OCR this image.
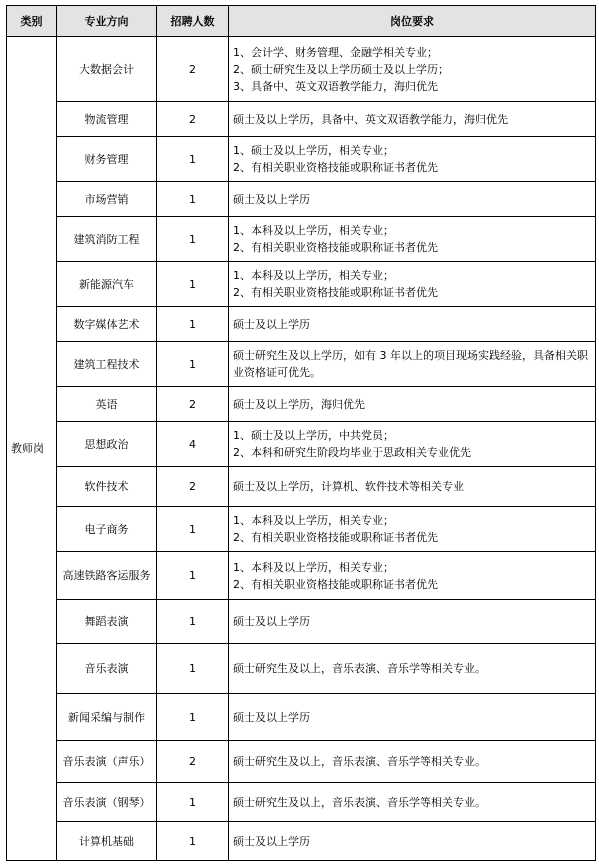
类别	专业方向	招聘人数	岗位要求
教师岗	大数据会计	2	1、会计学、财务管理、金融学相关专业；
2、硕士研究生及以上学历硕士及以上学历；
3、具备中、英文双语教学能力，海归优先

	物流管理	2	硕士及以上学历，具备中、英文双语教学能力，海归优先

	财务管理	1	1、硕士及以上学历，相关专业；
2、有相关职业资格技能或职称证书者优先

	市场营销	1	硕士及以上学历

	建筑消防工程	1	1、本科及以上学历，相关专业；
2、有相关职业资格技能或职称证书者优先

	新能源汽车	1	1、本科及以上学历，相关专业；
2、有相关职业资格技能或职称证书者优先

	数字媒体艺术	1	硕士及以上学历

	建筑工程技术	1	硕士研究生及以上学历，如有 3 年以上的项目现场实践经验，具备相关职业资格证可优先。

	英语	2	硕士及以上学历，海归优先

	思想政治	4	1、硕士及以上学历，中共党员；
2、本科和研究生阶段均毕业于思政相关专业优先

	软件技术	2	硕士及以上学历，计算机、软件技术等相关专业

	电子商务	1	1、本科及以上学历，相关专业；
2、有相关职业资格技能或职称证书者优先

	高速铁路客运服务	1	1、本科及以上学历，相关专业；
2、有相关职业资格技能或职称证书者优先

	舞蹈表演	1	硕士及以上学历

	音乐表演	1	硕士研究生及以上，音乐表演、音乐学等相关专业。

	新闻采编与制作	1	硕士及以上学历

	音乐表演（声乐）	2	硕士研究生及以上，音乐表演、音乐学等相关专业。

	音乐表演（钢琴）	1	硕士研究生及以上，音乐表演、音乐学等相关专业。

	计算机基础	1	硕士及以上学历
